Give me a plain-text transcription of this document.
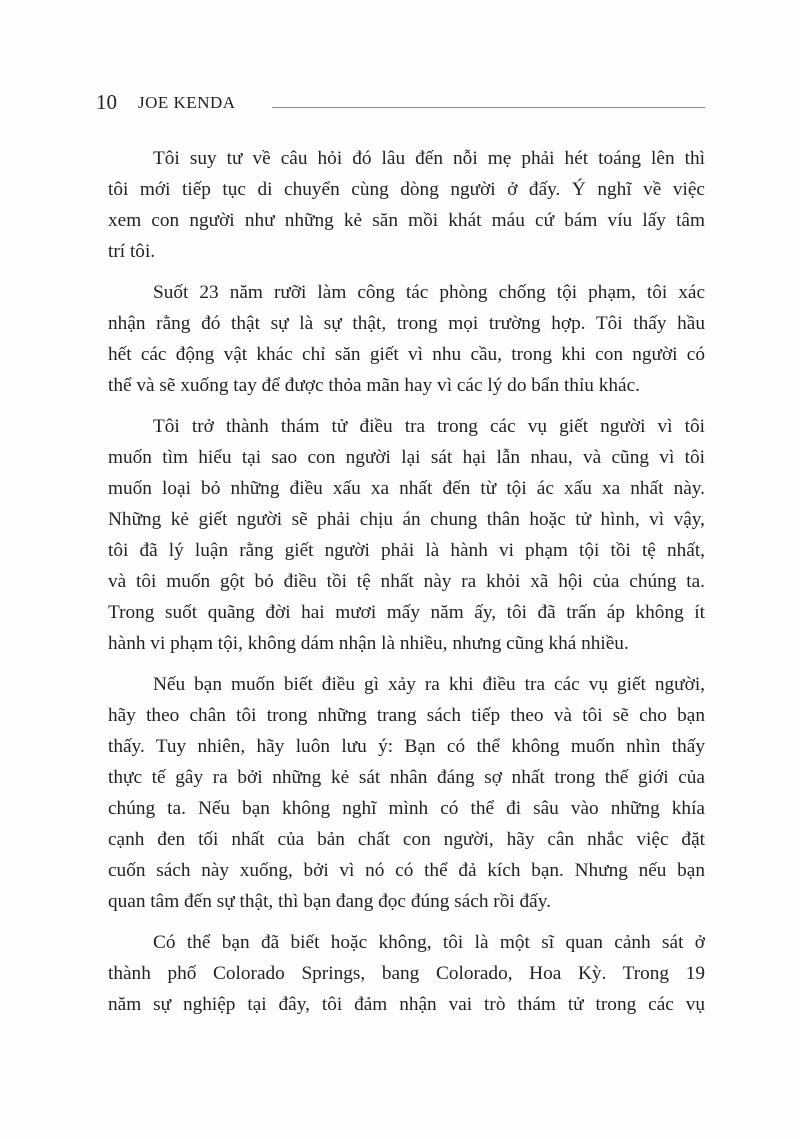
10 JOE KENDA
Tôi suy tư về câu hỏi đó lâu đến nỗi mẹ phải hét toáng lên thì
tôi mới tiếp tục di chuyển cùng dòng người ở đấy. Ý nghĩ về việc
xem con người như những kẻ săn mồi khát máu cứ bám víu lấy tâm
trí tôi.
Suốt 23 năm rưỡi làm công tác phòng chống tội phạm, tôi xác
nhận rằng đó thật sự là sự thật, trong mọi trường hợp. Tôi thấy hầu
hết các động vật khác chỉ săn giết vì nhu cầu, trong khi con người có
thể và sẽ xuống tay để được thỏa mãn hay vì các lý do bẩn thỉu khác.
Tôi trở thành thám tử điều tra trong các vụ giết người vì tôi
muốn tìm hiểu tại sao con người lại sát hại lẫn nhau, và cũng vì tôi
muốn loại bỏ những điều xấu xa nhất đến từ tội ác xấu xa nhất này.
Những kẻ giết người sẽ phải chịu án chung thân hoặc tử hình, vì vậy,
tôi đã lý luận rằng giết người phải là hành vi phạm tội tồi tệ nhất,
và tôi muốn gột bỏ điều tồi tệ nhất này ra khỏi xã hội của chúng ta.
Trong suốt quãng đời hai mươi mấy năm ấy, tôi đã trấn áp không ít
hành vi phạm tội, không dám nhận là nhiều, nhưng cũng khá nhiều.
Nếu bạn muốn biết điều gì xảy ra khi điều tra các vụ giết người,
hãy theo chân tôi trong những trang sách tiếp theo và tôi sẽ cho bạn
thấy. Tuy nhiên, hãy luôn lưu ý: Bạn có thể không muốn nhìn thấy
thực tế gây ra bởi những kẻ sát nhân đáng sợ nhất trong thế giới của
chúng ta. Nếu bạn không nghĩ mình có thể đi sâu vào những khía
cạnh đen tối nhất của bản chất con người, hãy cân nhắc việc đặt
cuốn sách này xuống, bởi vì nó có thể đả kích bạn. Nhưng nếu bạn
quan tâm đến sự thật, thì bạn đang đọc đúng sách rồi đấy.
Có thể bạn đã biết hoặc không, tôi là một sĩ quan cảnh sát ở
thành phố Colorado Springs, bang Colorado, Hoa Kỳ. Trong 19
năm sự nghiệp tại đây, tôi đảm nhận vai trò thám tử trong các vụ
